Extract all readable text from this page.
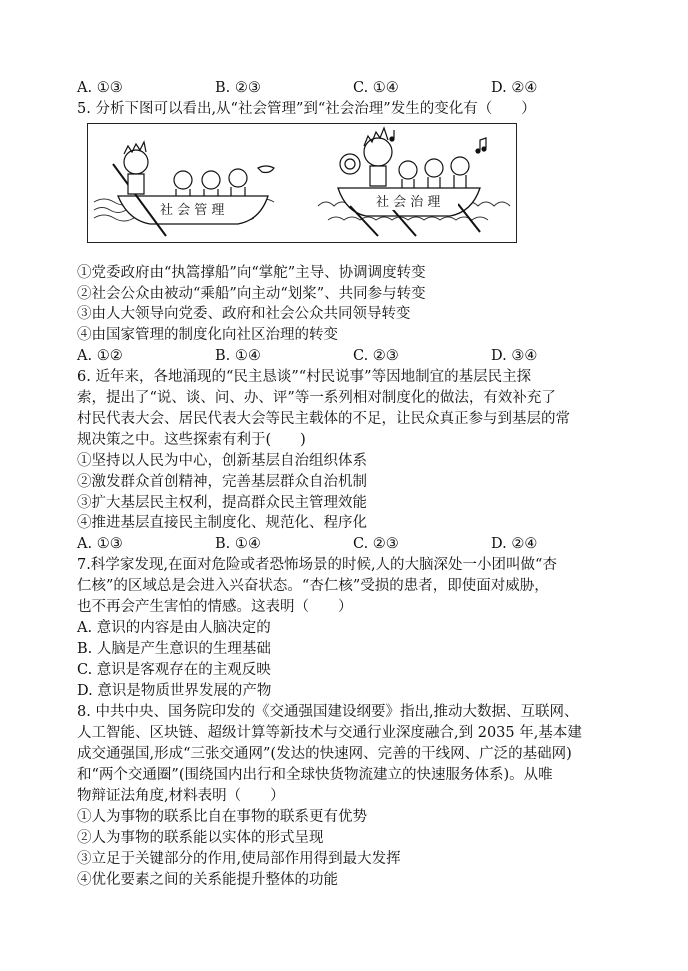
A. ①③	B. ②③	C. ①④	D. ②④
5. 分析下图可以看出,从“社会管理”到“社会治理”发生的变化有（　　）
社 会 管 理
社 会 治 理
①党委政府由“执篙撑船”向“掌舵”主导、协调调度转变
②社会公众由被动“乘船”向主动“划桨”、共同参与转变
③由人大领导向党委、政府和社会公众共同领导转变
④由国家管理的制度化向社区治理的转变
A. ①②	B. ①④	C. ②③	D. ③④
6. 近年来，各地涌现的“民主恳谈”“村民说事”等因地制宜的基层民主探
索，提出了“说、谈、问、办、评”等一系列相对制度化的做法，有效补充了
村民代表大会、居民代表大会等民主载体的不足，让民众真正参与到基层的常
规决策之中。这些探索有利于(　　)
①坚持以人民为中心，创新基层自治组织体系
②激发群众首创精神，完善基层群众自治机制
③扩大基层民主权利，提高群众民主管理效能
④推进基层直接民主制度化、规范化、程序化
A. ①③	B. ①④	C. ②③	D. ②④
7.科学家发现,在面对危险或者恐怖场景的时候,人的大脑深处一小团叫做“杏
仁核”的区域总是会进入兴奋状态。“杏仁核”受损的患者，即使面对威胁，
也不再会产生害怕的情感。这表明（　　）
A. 意识的内容是由人脑决定的
B. 人脑是产生意识的生理基础
C. 意识是客观存在的主观反映
D. 意识是物质世界发展的产物
8. 中共中央、国务院印发的《交通强国建设纲要》指出,推动大数据、互联网、
人工智能、区块链、超级计算等新技术与交通行业深度融合,到 2035 年,基本建
成交通强国,形成“三张交通网”(发达的快速网、完善的干线网、广泛的基础网)
和“两个交通圈”(围绕国内出行和全球快货物流建立的快速服务体系)。从唯
物辩证法角度,材料表明（　　）
①人为事物的联系比自在事物的联系更有优势
②人为事物的联系能以实体的形式呈现
③立足于关键部分的作用,使局部作用得到最大发挥
④优化要素之间的关系能提升整体的功能
